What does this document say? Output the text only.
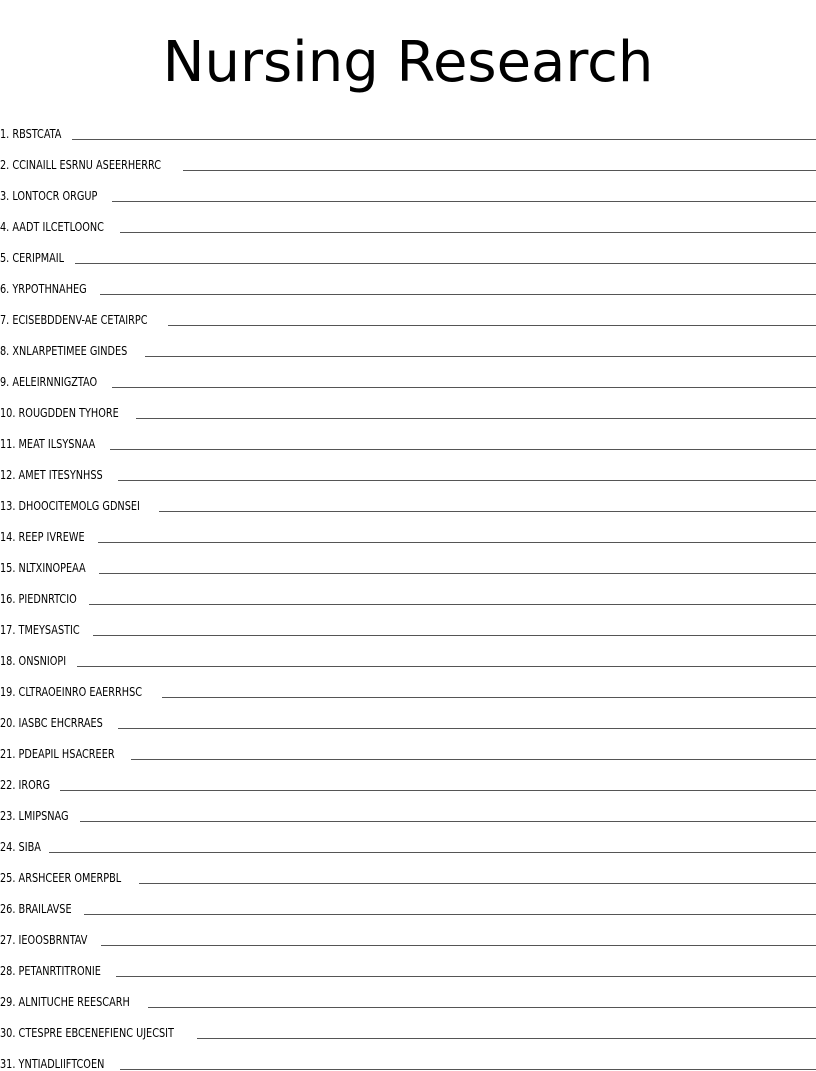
Nursing Research
1. RBSTCATA
2. CCINAILL ESRNU ASEERHERRC
3. LONTOCR ORGUP
4. AADT ILCETLOONC
5. CERIPMAIL
6. YRPOTHNAHEG
7. ECISEBDDENV-AE CETAIRPC
8. XNLARPETIMEE GINDES
9. AELEIRNNIGZTAO
10. ROUGDDEN TYHORE
11. MEAT ILSYSNAA
12. AMET ITESYNHSS
13. DHOOCITEMOLG GDNSEI
14. REEP IVREWE
15. NLTXINOPEAA
16. PIEDNRTCIO
17. TMEYSASTIC
18. ONSNIOPI
19. CLTRAOEINRO EAERRHSC
20. IASBC EHCRRAES
21. PDEAPIL HSACREER
22. IRORG
23. LMIPSNAG
24. SIBA
25. ARSHCEER OMERPBL
26. BRAILAVSE
27. IEOOSBRNTAV
28. PETANRTITRONIE
29. ALNITUCHE REESCARH
30. CTESPRE EBCENEFIENC UJECSIT
31. YNTIADLIIFTCOEN
